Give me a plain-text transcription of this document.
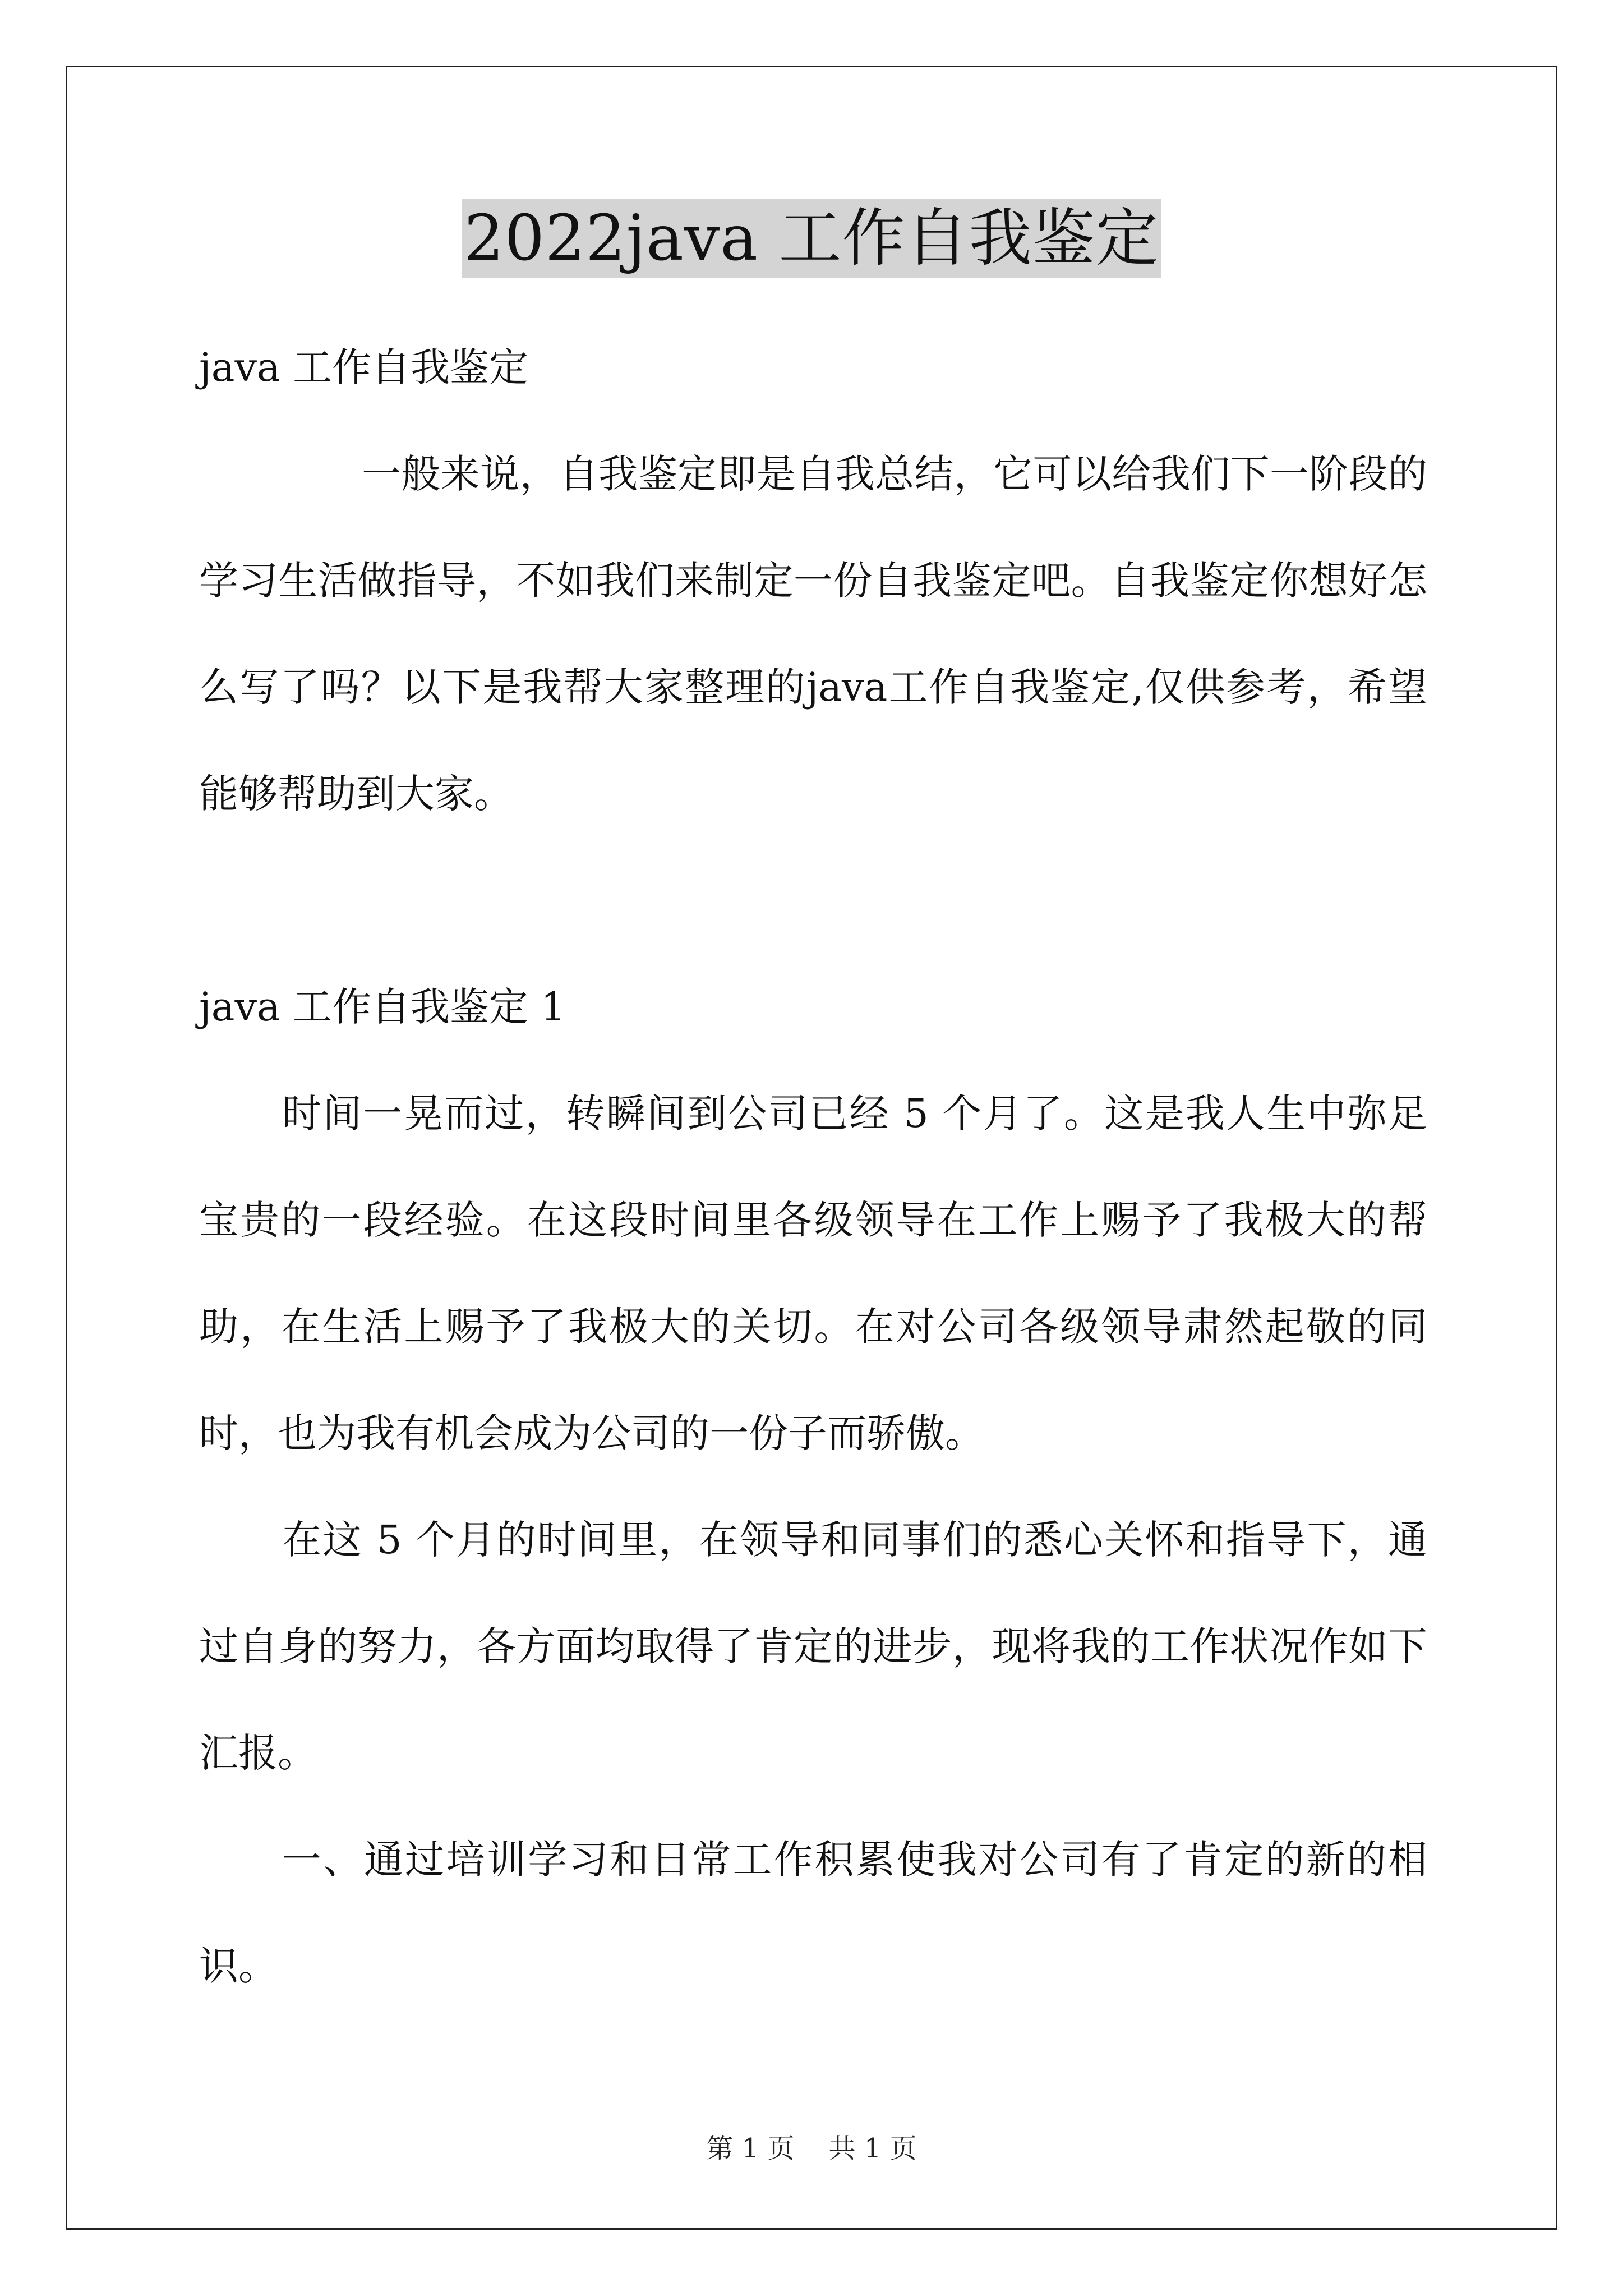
2022java 工作自我鉴定

java 工作自我鉴定

一般来说，自我鉴定即是自我总结，它可以给我们下一阶段的学习生活做指导，不如我们来制定一份自我鉴定吧。自我鉴定你想好怎么写了吗？以下是我帮大家整理的java工作自我鉴定,仅供参考，希望能够帮助到大家。

java 工作自我鉴定 1

时间一晃而过，转瞬间到公司已经 5 个月了。这是我人生中弥足宝贵的一段经验。在这段时间里各级领导在工作上赐予了我极大的帮助，在生活上赐予了我极大的关切。在对公司各级领导肃然起敬的同时，也为我有机会成为公司的一份子而骄傲。

在这 5 个月的时间里，在领导和同事们的悉心关怀和指导下，通过自身的努力，各方面均取得了肯定的进步，现将我的工作状况作如下汇报。

一、通过培训学习和日常工作积累使我对公司有了肯定的新的相识。

第 1 页 共 1 页
